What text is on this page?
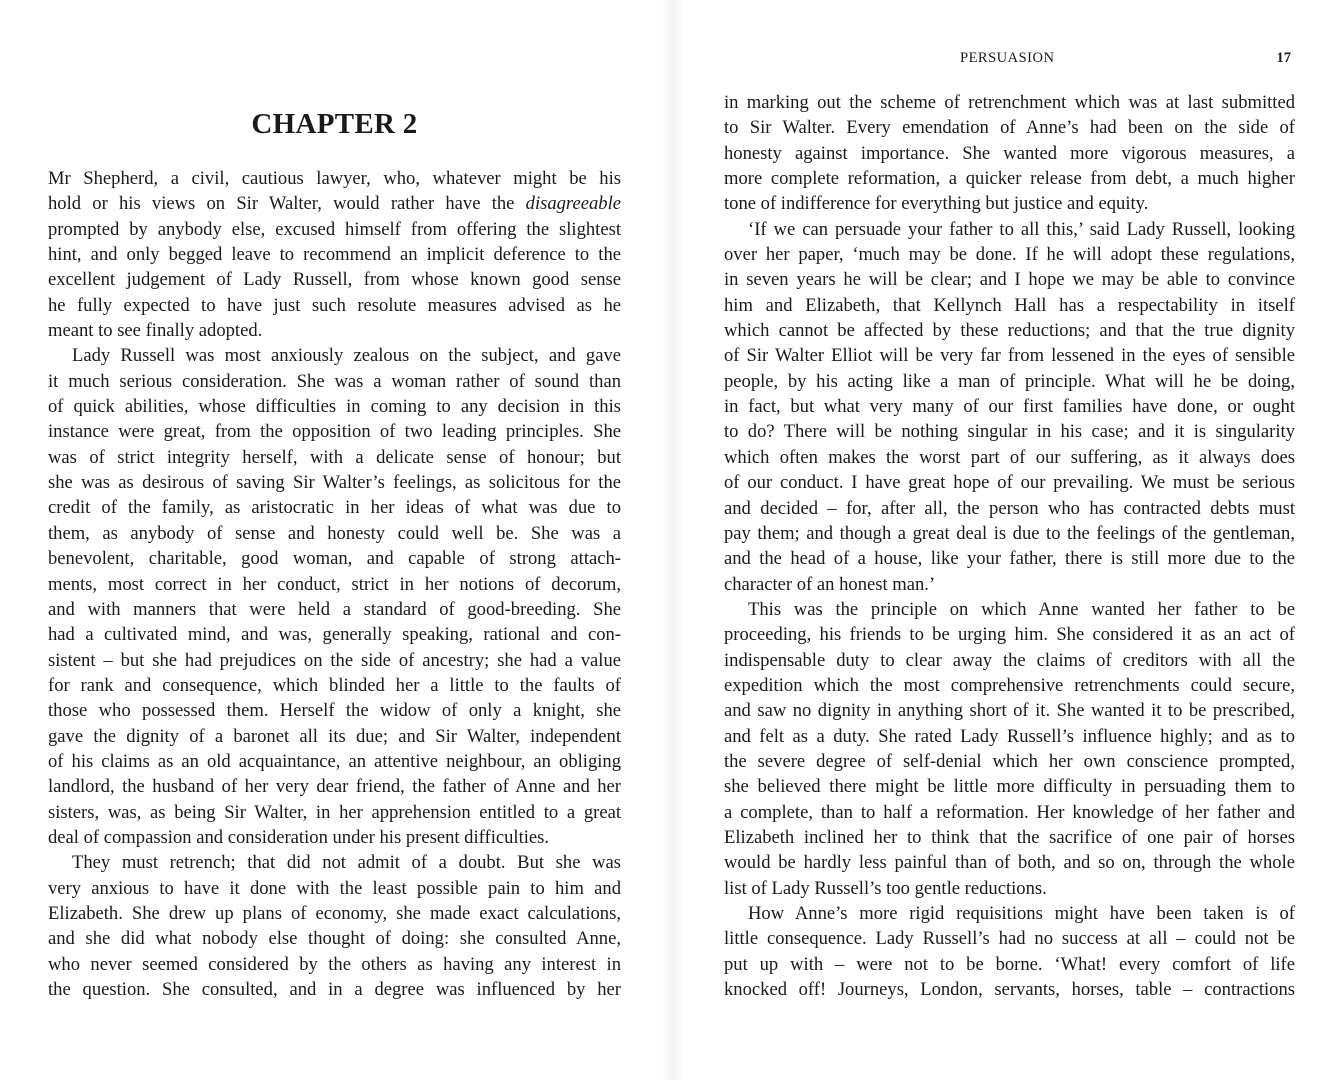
CHAPTER 2
Mr Shepherd, a civil, cautious lawyer, who, whatever might be his
hold or his views on Sir Walter, would rather have the disagreeable
prompted by anybody else, excused himself from offering the slightest
hint, and only begged leave to recommend an implicit deference to the
excellent judgement of Lady Russell, from whose known good sense
he fully expected to have just such resolute measures advised as he
meant to see finally adopted.
Lady Russell was most anxiously zealous on the subject, and gave
it much serious consideration. She was a woman rather of sound than
of quick abilities, whose difficulties in coming to any decision in this
instance were great, from the opposition of two leading principles. She
was of strict integrity herself, with a delicate sense of honour; but
she was as desirous of saving Sir Walter’s feelings, as solicitous for the
credit of the family, as aristocratic in her ideas of what was due to
them, as anybody of sense and honesty could well be. She was a
benevolent, charitable, good woman, and capable of strong attach-
ments, most correct in her conduct, strict in her notions of decorum,
and with manners that were held a standard of good-breeding. She
had a cultivated mind, and was, generally speaking, rational and con-
sistent – but she had prejudices on the side of ancestry; she had a value
for rank and consequence, which blinded her a little to the faults of
those who possessed them. Herself the widow of only a knight, she
gave the dignity of a baronet all its due; and Sir Walter, independent
of his claims as an old acquaintance, an attentive neighbour, an obliging
landlord, the husband of her very dear friend, the father of Anne and her
sisters, was, as being Sir Walter, in her apprehension entitled to a great
deal of compassion and consideration under his present difficulties.
They must retrench; that did not admit of a doubt. But she was
very anxious to have it done with the least possible pain to him and
Elizabeth. She drew up plans of economy, she made exact calculations,
and she did what nobody else thought of doing: she consulted Anne,
who never seemed considered by the others as having any interest in
the question. She consulted, and in a degree was influenced by her
PERSUASION	17
in marking out the scheme of retrenchment which was at last submitted
to Sir Walter. Every emendation of Anne’s had been on the side of
honesty against importance. She wanted more vigorous measures, a
more complete reformation, a quicker release from debt, a much higher
tone of indifference for everything but justice and equity.
‘If we can persuade your father to all this,’ said Lady Russell, looking
over her paper, ‘much may be done. If he will adopt these regulations,
in seven years he will be clear; and I hope we may be able to convince
him and Elizabeth, that Kellynch Hall has a respectability in itself
which cannot be affected by these reductions; and that the true dignity
of Sir Walter Elliot will be very far from lessened in the eyes of sensible
people, by his acting like a man of principle. What will he be doing,
in fact, but what very many of our first families have done, or ought
to do? There will be nothing singular in his case; and it is singularity
which often makes the worst part of our suffering, as it always does
of our conduct. I have great hope of our prevailing. We must be serious
and decided – for, after all, the person who has contracted debts must
pay them; and though a great deal is due to the feelings of the gentleman,
and the head of a house, like your father, there is still more due to the
character of an honest man.’
This was the principle on which Anne wanted her father to be
proceeding, his friends to be urging him. She considered it as an act of
indispensable duty to clear away the claims of creditors with all the
expedition which the most comprehensive retrenchments could secure,
and saw no dignity in anything short of it. She wanted it to be prescribed,
and felt as a duty. She rated Lady Russell’s influence highly; and as to
the severe degree of self-denial which her own conscience prompted,
she believed there might be little more difficulty in persuading them to
a complete, than to half a reformation. Her knowledge of her father and
Elizabeth inclined her to think that the sacrifice of one pair of horses
would be hardly less painful than of both, and so on, through the whole
list of Lady Russell’s too gentle reductions.
How Anne’s more rigid requisitions might have been taken is of
little consequence. Lady Russell’s had no success at all – could not be
put up with – were not to be borne. ‘What! every comfort of life
knocked off! Journeys, London, servants, horses, table – contractions
